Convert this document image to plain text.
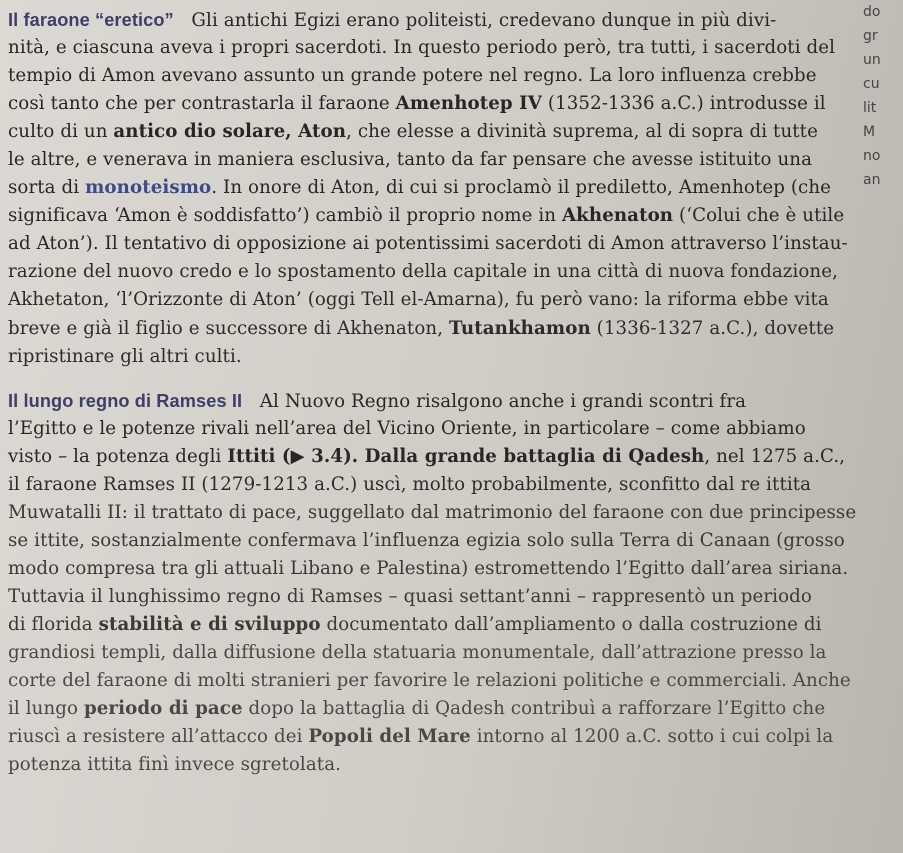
Il faraone “eretico” Gli antichi Egizi erano politeisti, credevano dunque in più divi-
nità, e ciascuna aveva i propri sacerdoti. In questo periodo però, tra tutti, i sacerdoti del
tempio di Amon avevano assunto un grande potere nel regno. La loro influenza crebbe
così tanto che per contrastarla il faraone Amenhotep IV (1352-1336 a.C.) introdusse il
culto di un antico dio solare, Aton, che elesse a divinità suprema, al di sopra di tutte
le altre, e venerava in maniera esclusiva, tanto da far pensare che avesse istituito una
sorta di monoteismo. In onore di Aton, di cui si proclamò il prediletto, Amenhotep (che
significava ‘Amon è soddisfatto’) cambiò il proprio nome in Akhenaton (‘Colui che è utile
ad Aton’). Il tentativo di opposizione ai potentissimi sacerdoti di Amon attraverso l’instau-
razione del nuovo credo e lo spostamento della capitale in una città di nuova fondazione,
Akhetaton, ‘l’Orizzonte di Aton’ (oggi Tell el-Amarna), fu però vano: la riforma ebbe vita
breve e già il figlio e successore di Akhenaton, Tutankhamon (1336-1327 a.C.), dovette
ripristinare gli altri culti.
Il lungo regno di Ramses II Al Nuovo Regno risalgono anche i grandi scontri fra
l’Egitto e le potenze rivali nell’area del Vicino Oriente, in particolare – come abbiamo
visto – la potenza degli Ittiti (▶ 3.4). Dalla grande battaglia di Qadesh, nel 1275 a.C.,
il faraone Ramses II (1279-1213 a.C.) uscì, molto probabilmente, sconfitto dal re ittita
Muwatalli II: il trattato di pace, suggellato dal matrimonio del faraone con due principesse
se ittite, sostanzialmente confermava l’influenza egizia solo sulla Terra di Canaan (grosso
modo compresa tra gli attuali Libano e Palestina) estromettendo l’Egitto dall’area siriana.
Tuttavia il lunghissimo regno di Ramses – quasi settant’anni – rappresentò un periodo
di florida stabilità e di sviluppo documentato dall’ampliamento o dalla costruzione di
grandiosi templi, dalla diffusione della statuaria monumentale, dall’attrazione presso la
corte del faraone di molti stranieri per favorire le relazioni politiche e commerciali. Anche
il lungo periodo di pace dopo la battaglia di Qadesh contribuì a rafforzare l’Egitto che
riuscì a resistere all’attacco dei Popoli del Mare intorno al 1200 a.C. sotto i cui colpi la
potenza ittita finì invece sgretolata.
do
gr
un
cu
lit
M
no
an
